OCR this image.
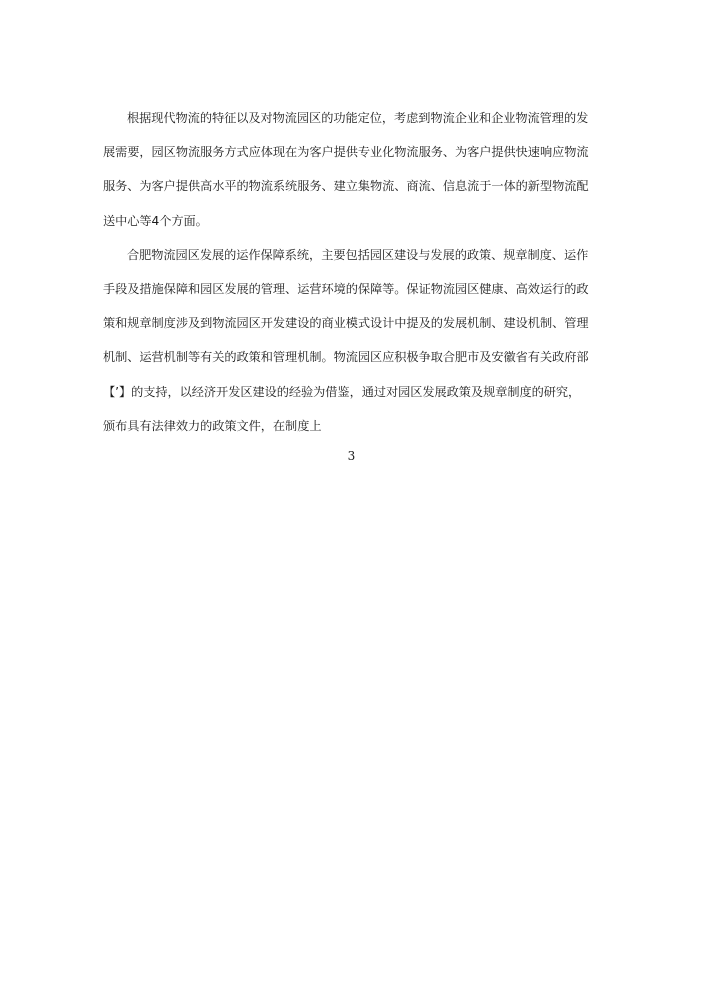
根据现代物流的特征以及对物流园区的功能定位，考虑到物流企业和企业物流管理的发
展需要，园区物流服务方式应体现在为客户提供专业化物流服务、为客户提供快速响应物流
服务、为客户提供高水平的物流系统服务、建立集物流、商流、信息流于一体的新型物流配
送中心等4个方面。
合肥物流园区发展的运作保障系统，主要包括园区建设与发展的政策、规章制度、运作
手段及措施保障和园区发展的管理、运营环境的保障等。保证物流园区健康、高效运行的政
策和规章制度涉及到物流园区开发建设的商业模式设计中提及的发展机制、建设机制、管理
机制、运营机制等有关的政策和管理机制。物流园区应积极争取合肥市及安徽省有关政府部
【’】的支持，以经济开发区建设的经验为借鉴，通过对园区发展政策及规章制度的研究，
颁布具有法律效力的政策文件，在制度上
3
